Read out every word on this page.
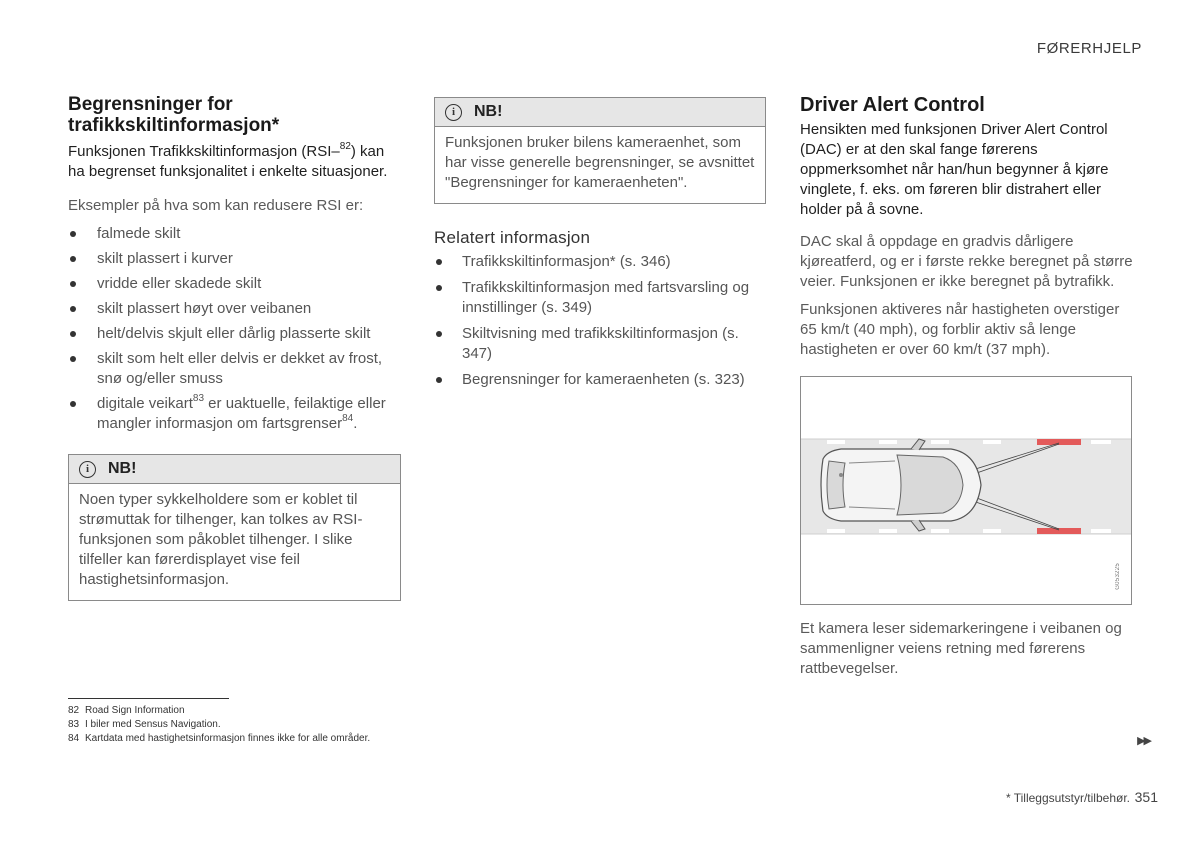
FØRERHJELP
Begrensninger for trafikkskiltinformasjon*

Funksjonen Trafikkskiltinformasjon (RSI–$^{82}$) kan ha begrenset funksjonalitet i enkelte situasjoner.

Eksempler på hva som kan redusere RSI er:

falmede skilt
skilt plassert i kurver
vridde eller skadede skilt
skilt plassert høyt over veibanen
helt/delvis skjult eller dårlig plasserte skilt
skilt som helt eller delvis er dekket av frost, snø og/eller smuss
digitale veikart$^{83}$ er uaktuelle, feilaktige eller mangler informasjon om fartsgrenser$^{84}$.
i	NB!
Noen typer sykkelholdere som er koblet til strømuttak for tilhenger, kan tolkes av RSI-funksjonen som påkoblet tilhenger. I slike tilfeller kan førerdisplayet vise feil hastighetsinformasjon.
i	NB!
Funksjonen bruker bilens kameraenhet, som har visse generelle begrensninger, se avsnittet "Begrensninger for kameraenheten".
Relatert informasjon
Trafikkskiltinformasjon* (s. 346)
Trafikkskiltinformasjon med fartsvarsling og innstillinger (s. 349)
Skiltvisning med trafikkskiltinformasjon (s. 347)
Begrensninger for kameraenheten (s. 323)
Driver Alert Control

Hensikten med funksjonen Driver Alert Control (DAC) er at den skal fange førerens oppmerksomhet når han/hun begynner å kjøre vinglete, f. eks. om føreren blir distrahert eller holder på å sovne.

DAC skal å oppdage en gradvis dårligere kjøreatferd, og er i første rekke beregnet på større veier. Funksjonen er ikke beregnet på bytrafikk.

Funksjonen aktiveres når hastigheten overstiger 65 km/t (40 mph), og forblir aktiv så lenge hastigheten er over 60 km/t (37 mph).

G053225

Et kamera leser sidemarkeringene i veibanen og sammenligner veiens retning med førerens rattbevegelser.

82 Road Sign Information
83 I biler med Sensus Navigation.
84 Kartdata med hastighetsinformasjon finnes ikke for alle områder.	▶▶
* Tilleggsutstyr/tilbehør. 351
